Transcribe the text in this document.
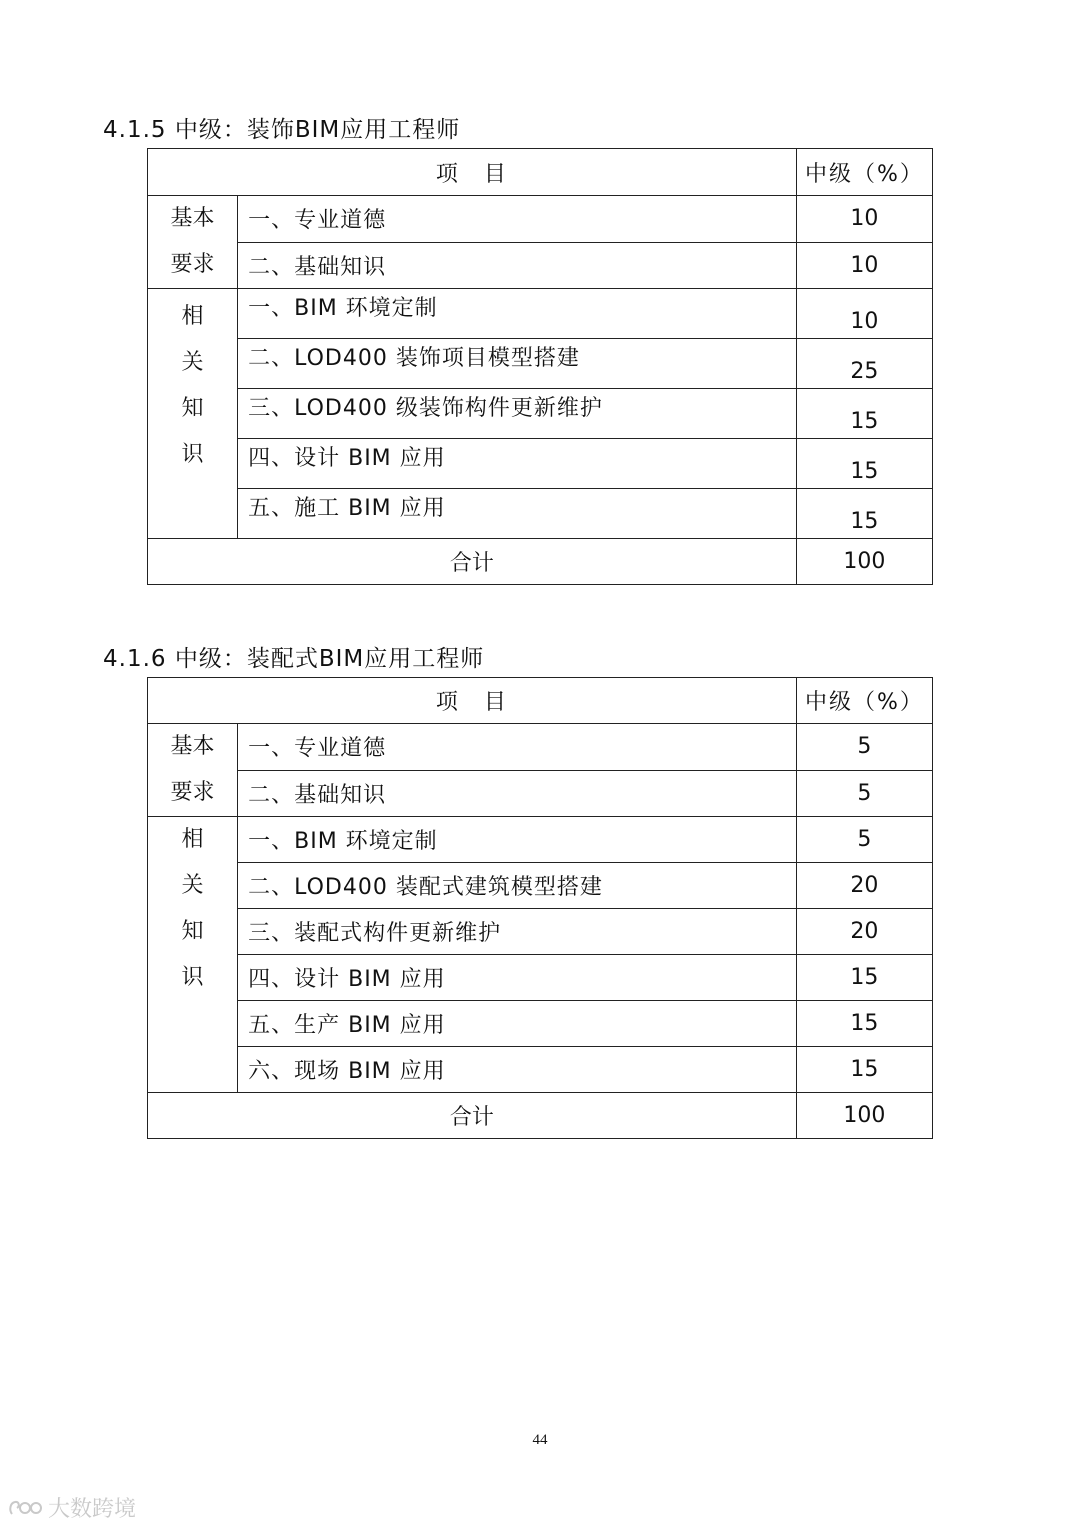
4.1.5 中级：装饰BIM应用工程师
项　目		中级（%）

基本
要求	一、专业道德	10
	二、基础知识	10

相
关
知
识	一、BIM 环境定制	10
	二、LOD400 装饰项目模型搭建	25
	三、LOD400 级装饰构件更新维护	15
	四、设计 BIM 应用	15
	五、施工 BIM 应用	15
合计		100
4.1.6 中级：装配式BIM应用工程师
项　目		中级（%）

基本
要求	一、专业道德	5
	二、基础知识	5

相
关
知
识	一、BIM 环境定制	5
	二、LOD400 装配式建筑模型搭建	20
	三、装配式构件更新维护	20
	四、设计 BIM 应用	15
	五、生产 BIM 应用	15
	六、现场 BIM 应用	15
合计		100
44
大数跨境
